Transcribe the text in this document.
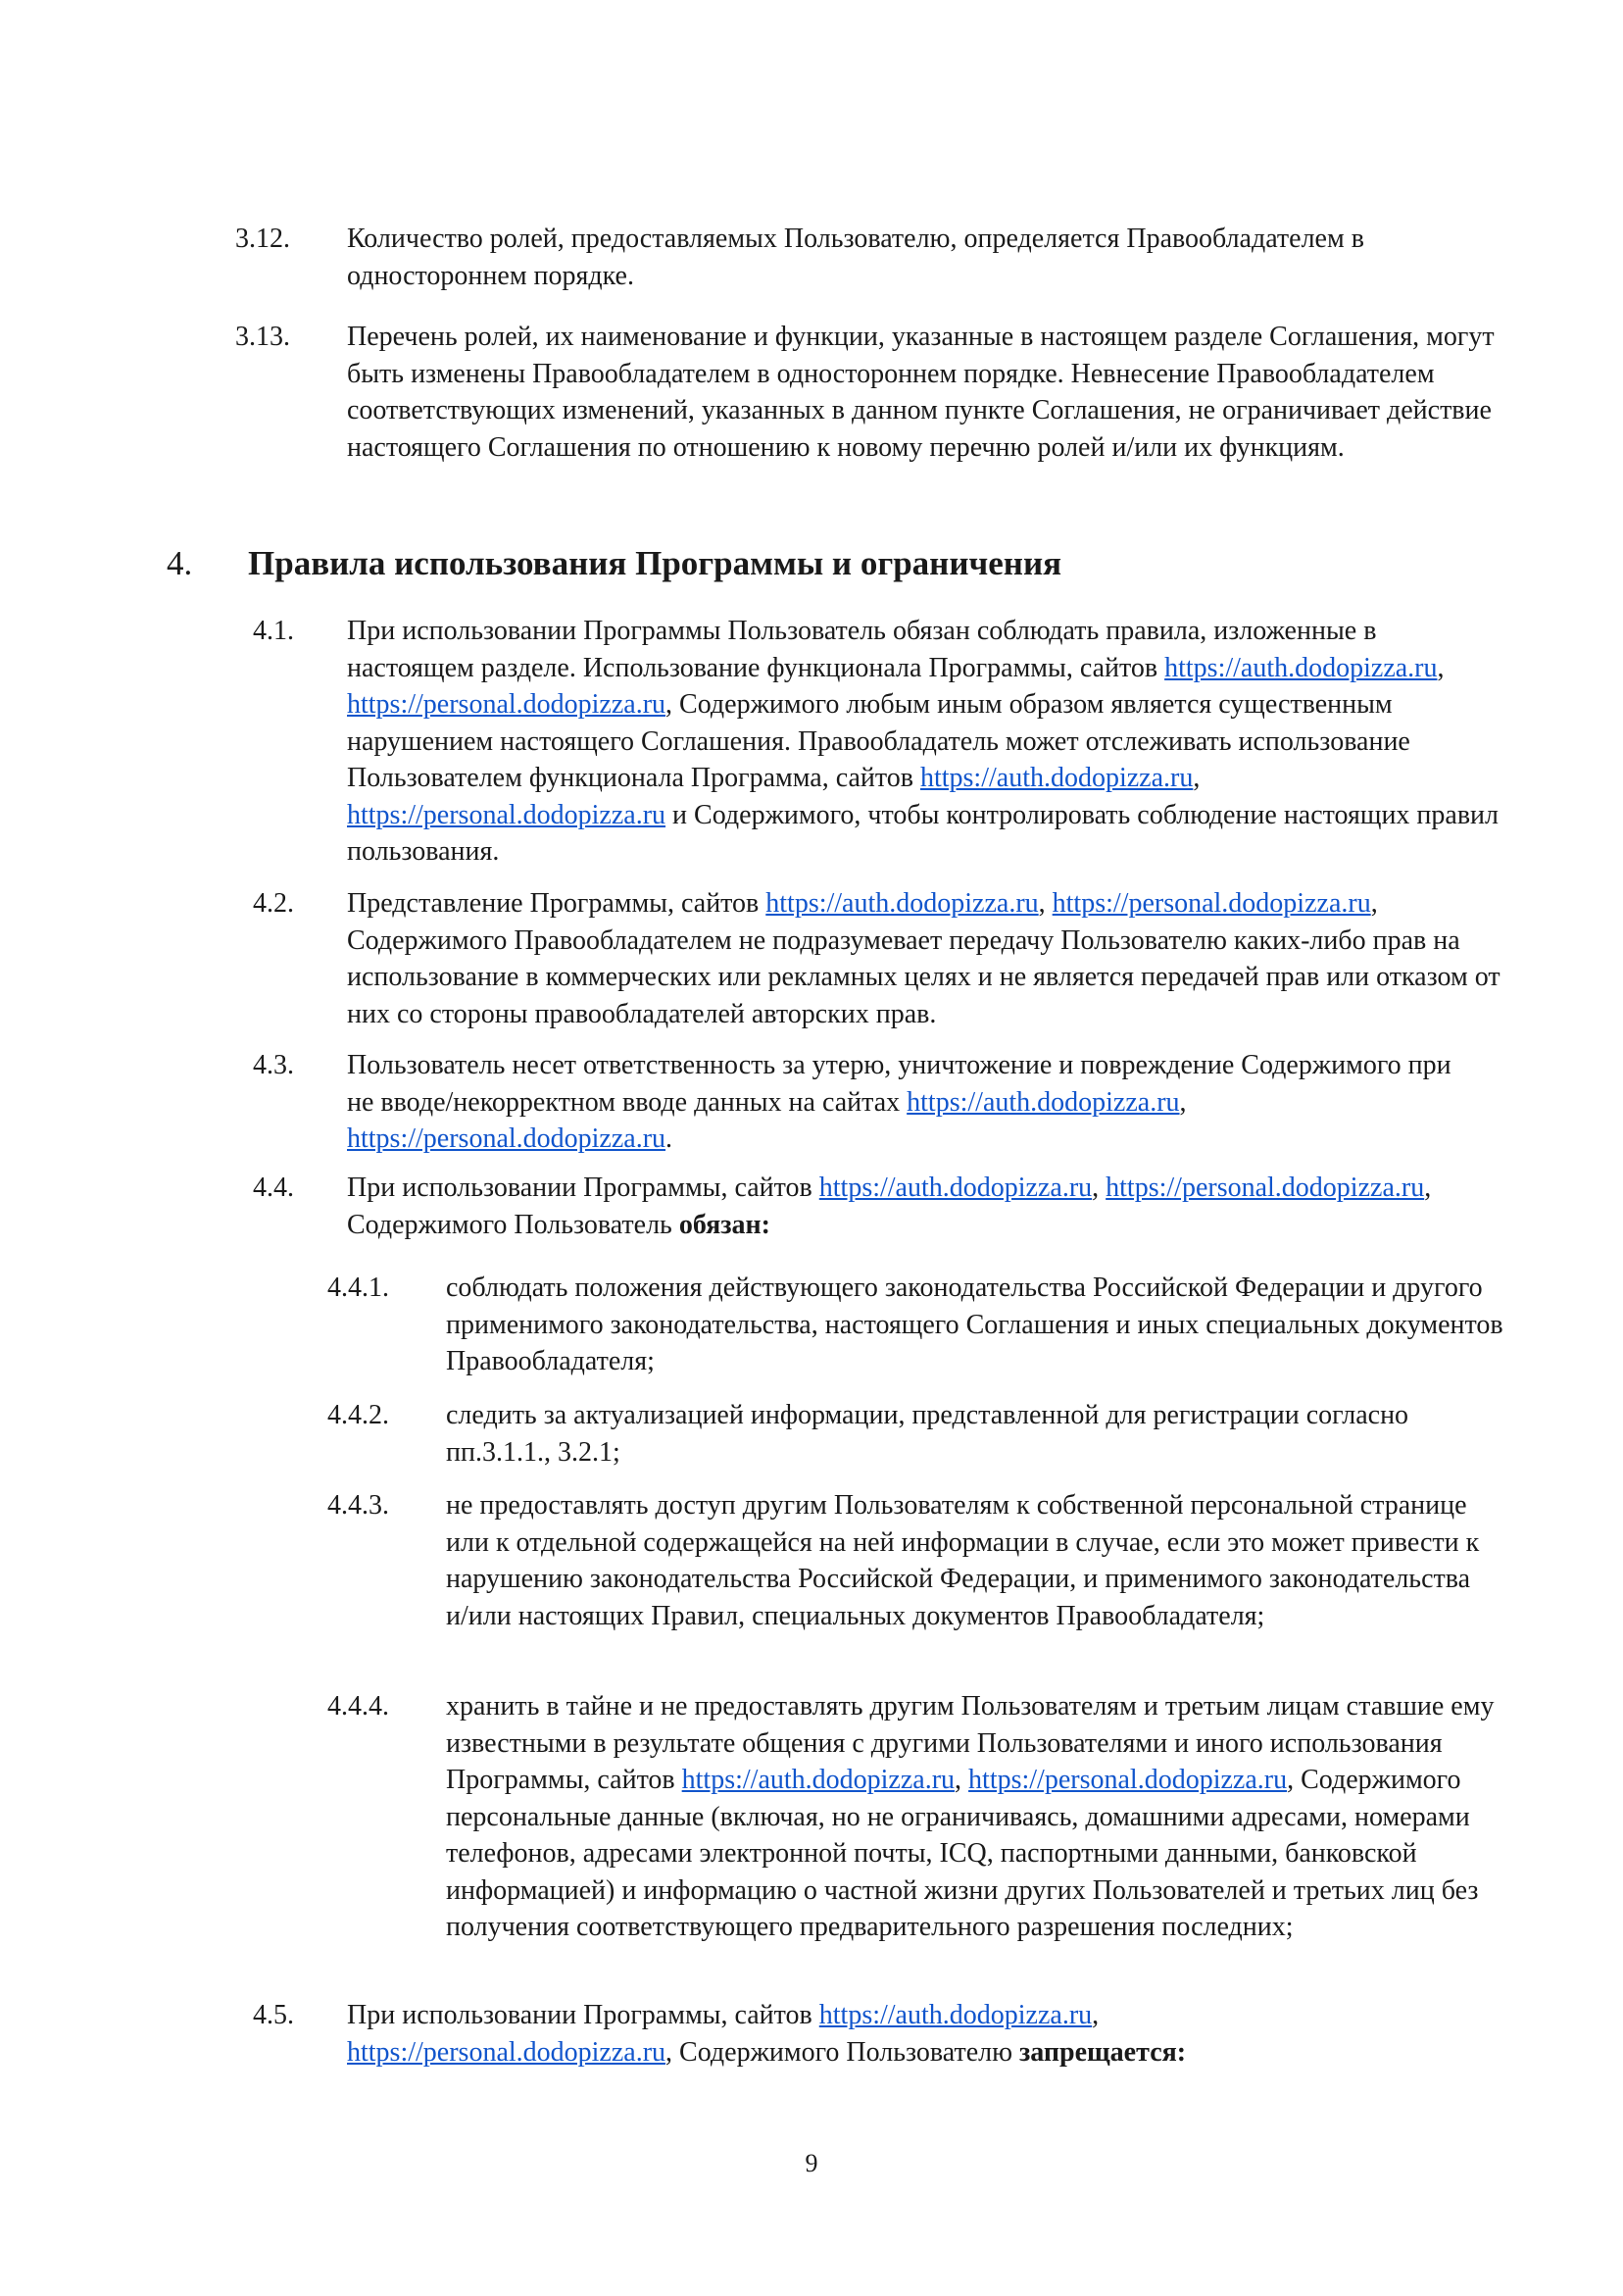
3.12. Количество ролей, предоставляемых Пользователю, определяется Правообладателем в одностороннем порядке.
3.13. Перечень ролей, их наименование и функции, указанные в настоящем разделе Соглашения, могут быть изменены Правообладателем в одностороннем порядке. Невнесение Правообладателем соответствующих изменений, указанных в данном пункте Соглашения, не ограничивает действие настоящего Соглашения по отношению к новому перечню ролей и/или их функциям.
4. Правила использования Программы и ограничения
4.1. При использовании Программы Пользователь обязан соблюдать правила, изложенные в настоящем разделе. Использование функционала Программы, сайтов https://auth.dodopizza.ru, https://personal.dodopizza.ru, Содержимого любым иным образом является существенным нарушением настоящего Соглашения. Правообладатель может отслеживать использование Пользователем функционала Программа, сайтов https://auth.dodopizza.ru, https://personal.dodopizza.ru и Содержимого, чтобы контролировать соблюдение настоящих правил пользования.
4.2. Представление Программы, сайтов https://auth.dodopizza.ru, https://personal.dodopizza.ru, Содержимого Правообладателем не подразумевает передачу Пользователю каких-либо прав на использование в коммерческих или рекламных целях и не является передачей прав или отказом от них со стороны правообладателей авторских прав.
4.3. Пользователь несет ответственность за утерю, уничтожение и повреждение Содержимого при не вводе/некорректном вводе данных на сайтах https://auth.dodopizza.ru, https://personal.dodopizza.ru.
4.4. При использовании Программы, сайтов https://auth.dodopizza.ru, https://personal.dodopizza.ru, Содержимого Пользователь обязан:
4.4.1. соблюдать положения действующего законодательства Российской Федерации и другого применимого законодательства, настоящего Соглашения и иных специальных документов Правообладателя;
4.4.2. следить за актуализацией информации, представленной для регистрации согласно пп.3.1.1., 3.2.1;
4.4.3. не предоставлять доступ другим Пользователям к собственной персональной странице или к отдельной содержащейся на ней информации в случае, если это может привести к нарушению законодательства Российской Федерации, и применимого законодательства и/или настоящих Правил, специальных документов Правообладателя;
4.4.4. хранить в тайне и не предоставлять другим Пользователям и третьим лицам ставшие ему известными в результате общения с другими Пользователями и иного использования Программы, сайтов https://auth.dodopizza.ru, https://personal.dodopizza.ru, Содержимого персональные данные (включая, но не ограничиваясь, домашними адресами, номерами телефонов, адресами электронной почты, ICQ, паспортными данными, банковской информацией) и информацию о частной жизни других Пользователей и третьих лиц без получения соответствующего предварительного разрешения последних;
4.5. При использовании Программы, сайтов https://auth.dodopizza.ru, https://personal.dodopizza.ru, Содержимого Пользователю запрещается:
9
